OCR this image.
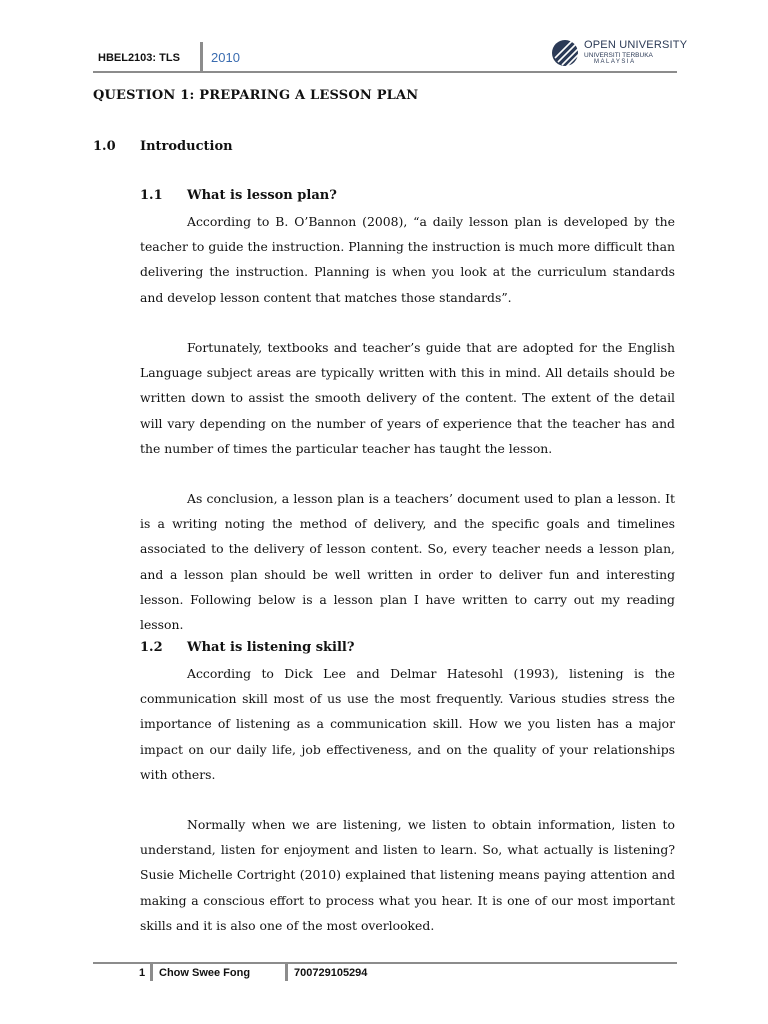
HBEL2103: TLS 2010
OPEN UNIVERSITY
UNIVERSITI TERBUKA
MALAYSIA
QUESTION 1: PREPARING A LESSON PLAN
1.0 Introduction
1.1 What is lesson plan?

According to B. O’Bannon (2008), “a daily lesson plan is developed by the teacher to guide the instruction. Planning the instruction is much more difficult than delivering the instruction. Planning is when you look at the curriculum standards and develop lesson content that matches those standards”.

Fortunately, textbooks and teacher’s guide that are adopted for the English Language subject areas are typically written with this in mind. All details should be written down to assist the smooth delivery of the content. The extent of the detail will vary depending on the number of years of experience that the teacher has and the number of times the particular teacher has taught the lesson.

As conclusion, a lesson plan is a teachers’ document used to plan a lesson. It is a writing noting the method of delivery, and the specific goals and timelines associated to the delivery of lesson content. So, every teacher needs a lesson plan, and a lesson plan should be well written in order to deliver fun and interesting lesson. Following below is a lesson plan I have written to carry out my reading lesson.

1.2 What is listening skill?

According to Dick Lee and Delmar Hatesohl (1993), listening is the communication skill most of us use the most frequently. Various studies stress the importance of listening as a communication skill. How we you listen has a major impact on our daily life, job effectiveness, and on the quality of your relationships with others.

Normally when we are listening, we listen to obtain information, listen to understand, listen for enjoyment and listen to learn. So, what actually is listening? Susie Michelle Cortright (2010) explained that listening means paying attention and making a conscious effort to process what you hear. It is one of our most important skills and it is also one of the most overlooked.

1 Chow Swee Fong	700729105294
